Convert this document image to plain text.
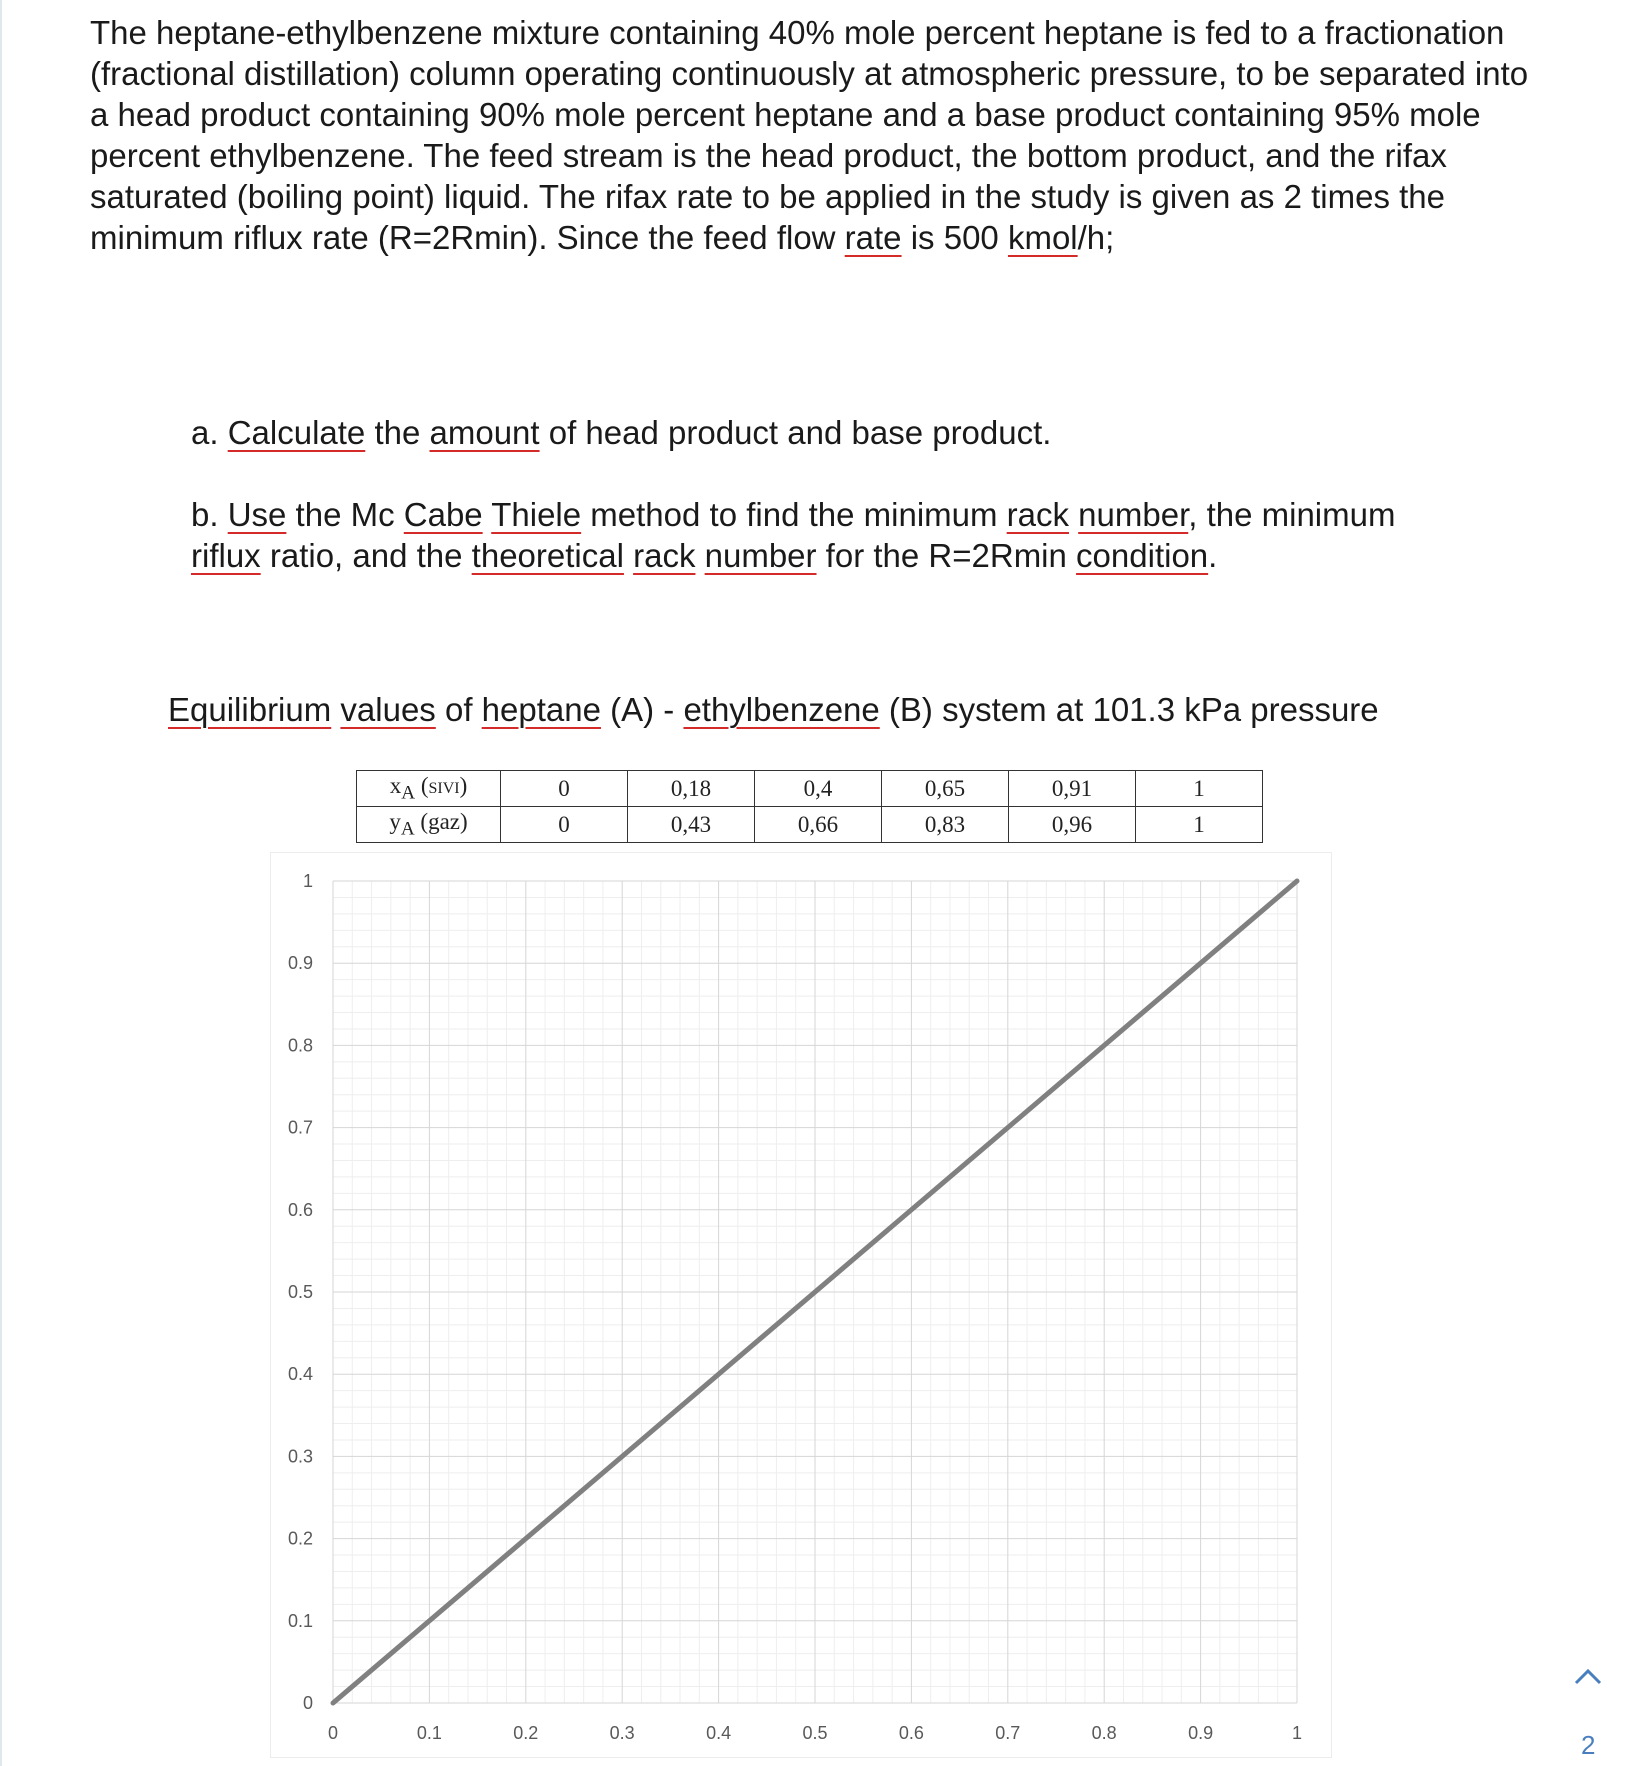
The heptane-ethylbenzene mixture containing 40% mole percent heptane is fed to a fractionation (fractional distillation) column operating continuously at atmospheric pressure, to be separated into a head product containing 90% mole percent heptane and a base product containing 95% mole percent ethylbenzene. The feed stream is the head product, the bottom product, and the rifax saturated (boiling point) liquid. The rifax rate to be applied in the study is given as 2 times the minimum riflux rate (R=2Rmin). Since the feed flow rate is 500 kmol/h;

a. Calculate the amount of head product and base product.

b. Use the Mc Cabe Thiele method to find the minimum rack number, the minimum riflux ratio, and the theoretical rack number for the R=2Rmin condition.

Equilibrium values of heptane (A) - ethylbenzene (B) system at 101.3 kPa pressure

$x_A$ (sıvı)	0	0,18	0,4	0,65	0,91	1
$y_A$ (gaz)	0	0,43	0,66	0,83	0,96	1
0	0.1	0.2	0.3	0.4	0.5	0.6	0.7	0.8	0.9	1
0
0.1
0.2
0.3
0.4
0.5
0.6
0.7
0.8
0.9
1
2
